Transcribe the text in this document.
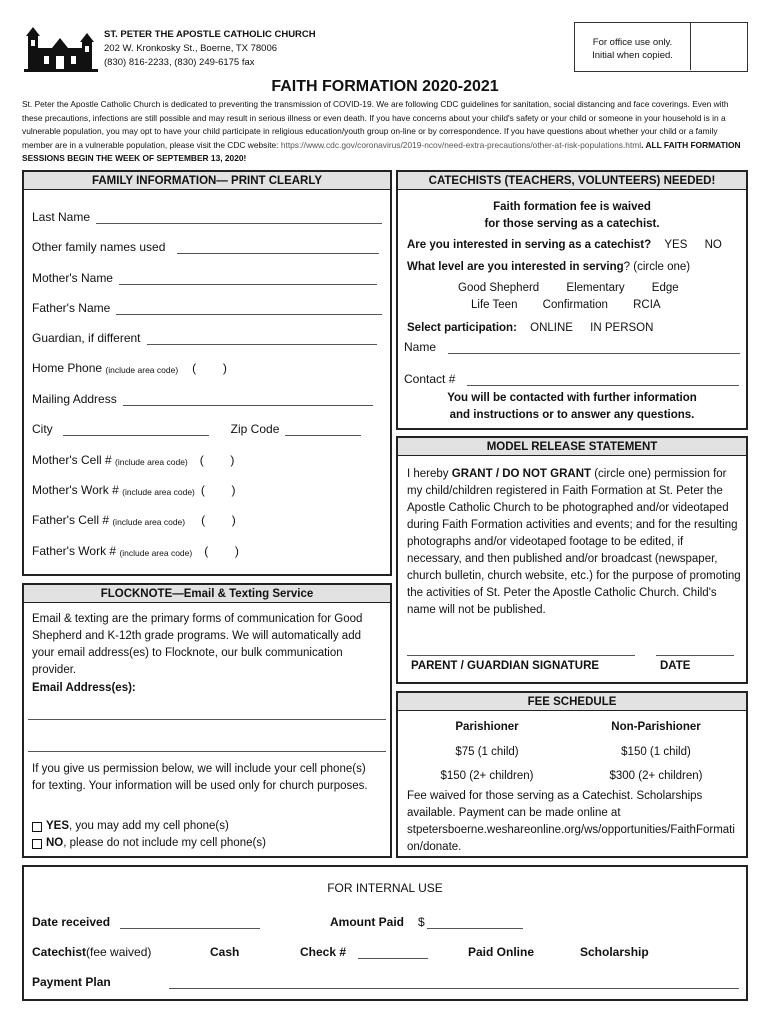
ST. PETER THE APOSTLE CATHOLIC CHURCH
202 W. Kronkosky St., Boerne, TX 78006
(830) 816-2233, (830) 249-6175 fax
For office use only.
Initial when copied.
FAITH FORMATION 2020-2021
St. Peter the Apostle Catholic Church is dedicated to preventing the transmission of COVID-19. We are following CDC guidelines for sanitation, social distancing and face coverings. Even with these precautions, infections are still possible and may result in serious illness or even death. If you have concerns about your child's safety or your child or someone in your household is in a vulnerable population, you may opt to have your child participate in religious education/youth group on-line or by correspondence. If you have questions about whether your child or a family member are in a vulnerable population, please visit the CDC website: https://www.cdc.gov/coronavirus/2019-ncov/need-extra-precautions/other-at-risk-populations.html. ALL FAITH FORMATION SESSIONS BEGIN THE WEEK OF SEPTEMBER 13, 2020!
FAMILY INFORMATION— PRINT CLEARLY
Last Name
Other family names used
Mother's Name
Father's Name
Guardian, if different
Home Phone
(include area code) (        )
Mailing Address
City	Zip Code
Mother's Cell #
(include area code) (        )
Mother's Work #
(include area code) (        )
Father's Cell #
(include area code) (        )
Father's Work #
(include area code) (        )
FLOCKNOTE—Email & Texting Service
Email & texting are the primary forms of communication for Good Shepherd and K-12th grade programs. We will automatically add your email address(es) to Flocknote, our bulk communication provider.
Email Address(es):
If you give us permission below, we will include your cell phone(s) for texting. Your information will be used only for church purposes.
YES , you may add my cell phone(s)
NO , please do not include my cell phone(s)
CATECHISTS (TEACHERS, VOLUNTEERS) NEEDED!
Faith formation fee is waived
for those serving as a catechist.
Are you interested in serving as a catechist? YES NO
What level are you interested in serving? (circle one)
Good Shepherd Elementary Edge
Life Teen Confirmation RCIA
Select participation: ONLINE IN PERSON
Name
Contact #
You will be contacted with further information
and instructions or to answer any questions.
MODEL RELEASE STATEMENT
I hereby GRANT / DO NOT GRANT (circle one) permission for my child/children registered in Faith Formation at St. Peter the Apostle Catholic Church to be photographed and/or videotaped during Faith Formation activities and events; and for the resulting photographs and/or videotaped footage to be edited, if necessary, and then published and/or broadcast (newspaper, church bulletin, church website, etc.) for the purpose of promoting the activities of St. Peter the Apostle Catholic Church. Child's name will not be published.
PARENT / GUARDIAN SIGNATURE	DATE
FEE SCHEDULE
Parishioner	Non-Parishioner
$75 (1 child)	$150 (1 child)
$150 (2+ children)	$300 (2+ children)
Fee waived for those serving as a Catechist. Scholarships available. Payment can be made online at stpetersboerne.weshareonline.org/ws/opportunities/FaithFormation/donate.
FOR INTERNAL USE
Date received	Amount Paid $
Catechist (fee waived)	Cash	Check #	Paid Online	Scholarship
Payment Plan
